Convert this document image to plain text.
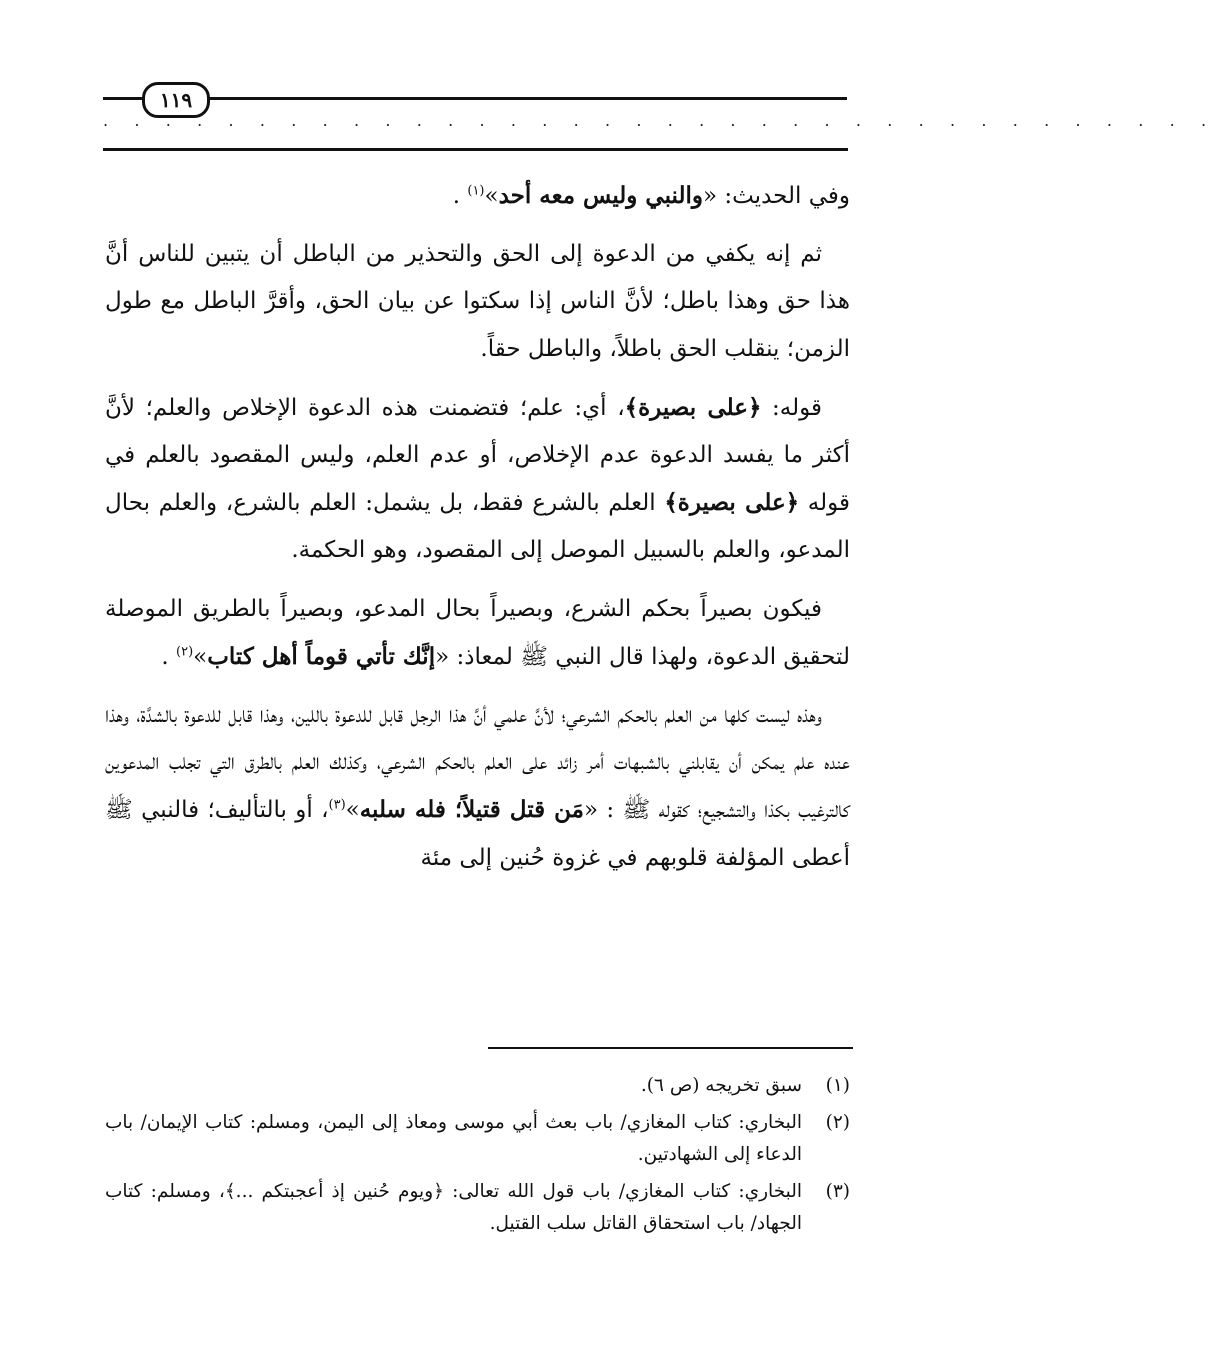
١١٩
. . . . . . . . . . . . . . . . . . . . . . . . . . . . . . . . . . . .

وفي الحديث: «والنبي وليس معه أحد»$^{(١)}$ .

ثم إنه يكفي من الدعوة إلى الحق والتحذير من الباطل أن يتبين للناس أنَّ هذا حق وهذا باطل؛ لأنَّ الناس إذا سكتوا عن بيان الحق، وأقرَّ الباطل مع طول الزمن؛ ينقلب الحق باطلاً، والباطل حقاً.

قوله: ﴿على بصيرة﴾، أي: علم؛ فتضمنت هذه الدعوة الإخلاص والعلم؛ لأنَّ أكثر ما يفسد الدعوة عدم الإخلاص، أو عدم العلم، وليس المقصود بالعلم في قوله ﴿على بصيرة﴾ العلم بالشرع فقط، بل يشمل: العلم بالشرع، والعلم بحال المدعو، والعلم بالسبيل الموصل إلى المقصود، وهو الحكمة.

فيكون بصيراً بحكم الشرع، وبصيراً بحال المدعو، وبصيراً بالطريق الموصلة لتحقيق الدعوة، ولهذا قال النبي ﷺ لمعاذ: «إنَّك تأتي قوماً أهل كتاب»$^{(٢)}$ .

وهذه ليست كلها من العلم بالحكم الشرعي؛ لأنَّ علمي أنَّ هذا الرجل قابل للدعوة باللين، وهذا قابل للدعوة بالشدَّة، وهذا عنده علم يمكن أن يقابلني بالشبهات أمر زائد على العلم بالحكم الشرعي، وكذلك العلم بالطرق التي تجلب المدعوين كالترغيب بكذا والتشجيع؛ كقوله ﷺ : «مَن قتل قتيلاً؛ فله سلبه»$^{(٣)}$، أو بالتأليف؛ فالنبي ﷺ أعطى المؤلفة قلوبهم في غزوة حُنين إلى مئة

(١)
سبق تخريجه (ص ٦).
(٢)
البخاري: كتاب المغازي/ باب بعث أبي موسى ومعاذ إلى اليمن، ومسلم: كتاب الإيمان/ باب الدعاء إلى الشهادتين.
(٣)
البخاري: كتاب المغازي/ باب قول الله تعالى: ﴿ويوم حُنين إذ أعجبتكم ...﴾، ومسلم: كتاب الجهاد/ باب استحقاق القاتل سلب القتيل.
